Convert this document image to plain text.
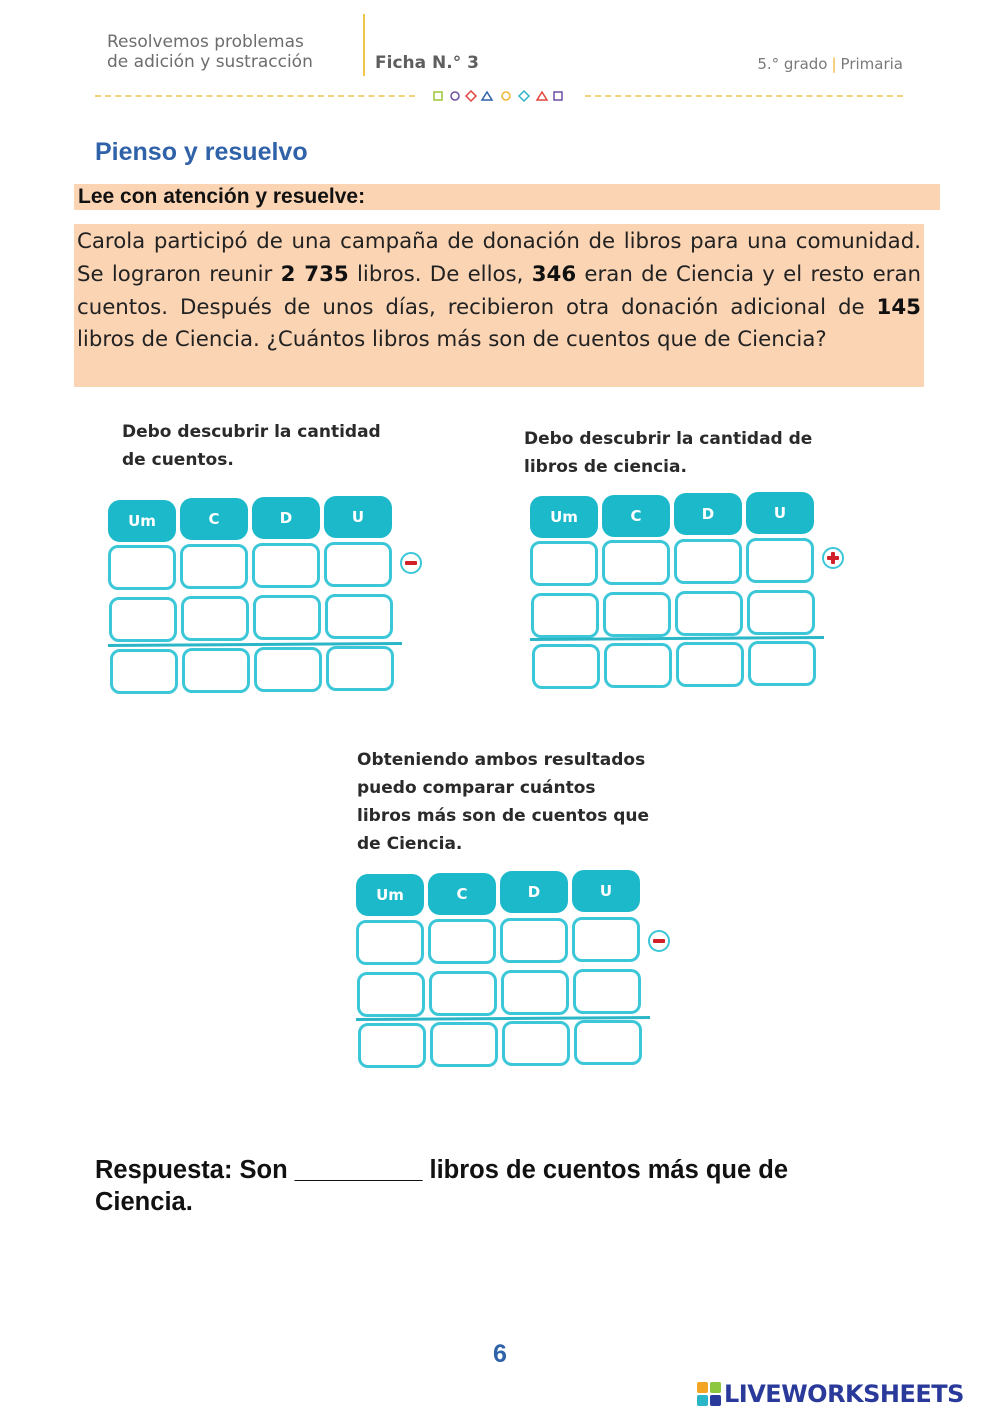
Resolvemos problemas
de adición y sustracción	Ficha N.° 3	5.° grado | Primaria
Pienso y resuelvo
Lee con atención y resuelve:
Carola participó de una campaña de donación de libros para una comunidad. Se lograron reunir 2 735 libros. De ellos, 346 eran de Ciencia y el resto eran cuentos. Después de unos días, recibieron otra donación adicional de 145 libros de Ciencia. ¿Cuántos libros más son de cuentos que de Ciencia?
Debo descubrir la cantidad
de cuentos.
Um	C	D	U
Debo descubrir la cantidad de
libros de ciencia.
Um	C	D	U
Obteniendo ambos resultados
puedo comparar cuántos
libros más son de cuentos que
de Ciencia.
Um	C	D	U
Respuesta: Son _________ libros de cuentos más que de
Ciencia.
6
LIVEWORKSHEETS
